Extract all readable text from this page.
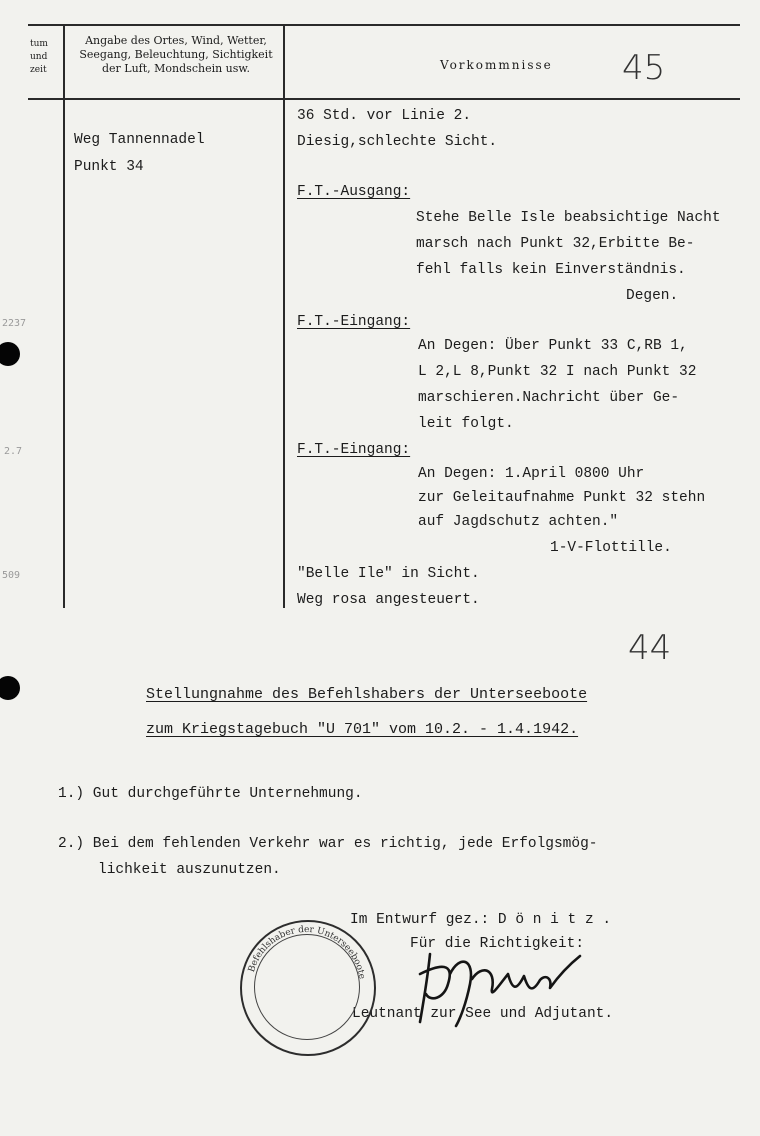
tum
und
zeit
Angabe des Ortes, Wind, Wetter, Seegang, Beleuchtung, Sichtigkeit der Luft, Mondschein usw.	Vorkommnisse 45
2237
2.7
509
Weg Tannennadel
Punkt 34
36 Std. vor Linie 2.
Diesig,schlechte Sicht.
F.T.-Ausgang:
Stehe Belle Isle beabsichtige Nacht
marsch nach Punkt 32,Erbitte Be-
fehl falls kein Einverständnis.
Degen.
F.T.-Eingang:
An Degen: Über Punkt 33 C,RB 1,
L 2,L 8,Punkt 32 I nach Punkt 32
marschieren.Nachricht über Ge-
leit folgt.
F.T.-Eingang:
An Degen: 1.April 0800 Uhr
zur Geleitaufnahme Punkt 32 stehn
auf Jagdschutz achten."
1-V-Flottille.
"Belle Ile" in Sicht.
Weg rosa angesteuert.
44
Stellungnahme des Befehlshabers der Unterseeboote
zum Kriegstagebuch "U 701" vom 10.2. - 1.4.1942.
1.) Gut durchgeführte Unternehmung.
2.) Bei dem fehlenden Verkehr war es richtig, jede Erfolgsmög-
lichkeit auszunutzen.
Im Entwurf gez.: D ö n i t z .
Für die Richtigkeit:
Leutnant zur See und Adjutant.
Befehlshaber der Unterseeboote
